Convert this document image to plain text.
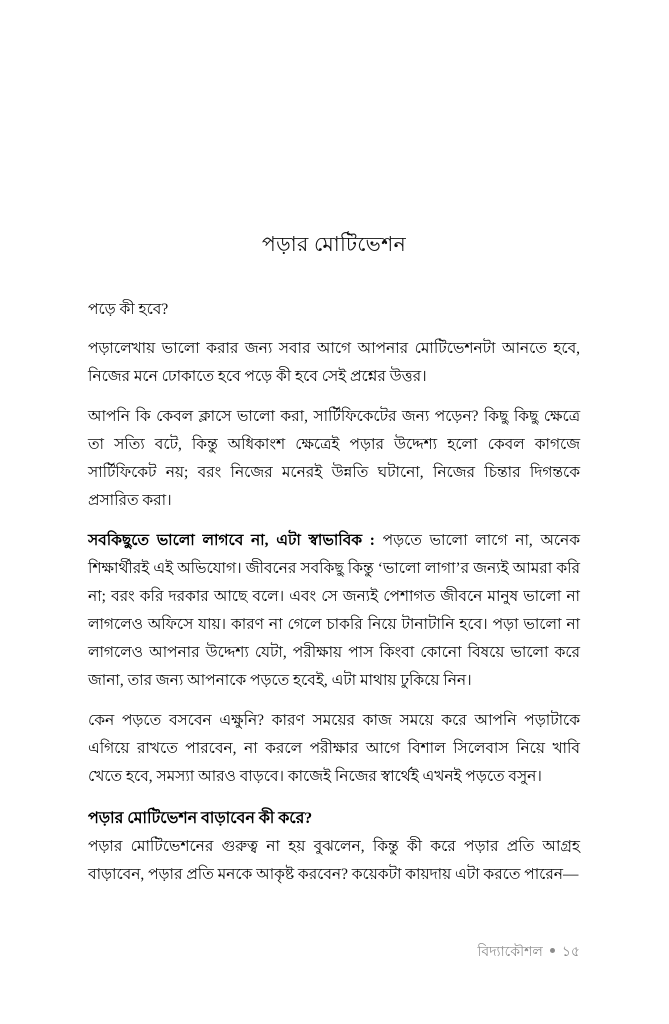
পড়ার মোটিভেশন

পড়ে কী হবে?

পড়ালেখায় ভালো করার জন্য সবার আগে আপনার মোটিভেশনটা আনতে হবে, নিজের মনে ঢোকাতে হবে পড়ে কী হবে সেই প্রশ্নের উত্তর।

আপনি কি কেবল ক্লাসে ভালো করা, সার্টিফিকেটের জন্য পড়েন? কিছু কিছু ক্ষেত্রে তা সত্যি বটে, কিন্তু অধিকাংশ ক্ষেত্রেই পড়ার উদ্দেশ্য হলো কেবল কাগজে সার্টিফিকেট নয়; বরং নিজের মনেরই উন্নতি ঘটানো, নিজের চিন্তার দিগন্তকে প্রসারিত করা।

সবকিছুতে ভালো লাগবে না, এটা স্বাভাবিক : পড়তে ভালো লাগে না, অনেক শিক্ষার্থীরই এই অভিযোগ। জীবনের সবকিছু কিন্তু ‘ভালো লাগা’র জন্যই আমরা করি না; বরং করি দরকার আছে বলে। এবং সে জন্যই পেশাগত জীবনে মানুষ ভালো না লাগলেও অফিসে যায়। কারণ না গেলে চাকরি নিয়ে টানাটানি হবে। পড়া ভালো না লাগলেও আপনার উদ্দেশ্য যেটা, পরীক্ষায় পাস কিংবা কোনো বিষয়ে ভালো করে জানা, তার জন্য আপনাকে পড়তে হবেই, এটা মাথায় ঢুকিয়ে নিন।

কেন পড়তে বসবেন এক্ষুনি? কারণ সময়ের কাজ সময়ে করে আপনি পড়াটাকে এগিয়ে রাখতে পারবেন, না করলে পরীক্ষার আগে বিশাল সিলেবাস নিয়ে খাবি খেতে হবে, সমস্যা আরও বাড়বে। কাজেই নিজের স্বার্থেই এখনই পড়তে বসুন।

পড়ার মোটিভেশন বাড়াবেন কী করে?

পড়ার মোটিভেশনের গুরুত্ব না হয় বুঝলেন, কিন্তু কী করে পড়ার প্রতি আগ্রহ বাড়াবেন, পড়ার প্রতি মনকে আকৃষ্ট করবেন? কয়েকটা কায়দায় এটা করতে পারেন—

বিদ্যাকৌশল ১৫
